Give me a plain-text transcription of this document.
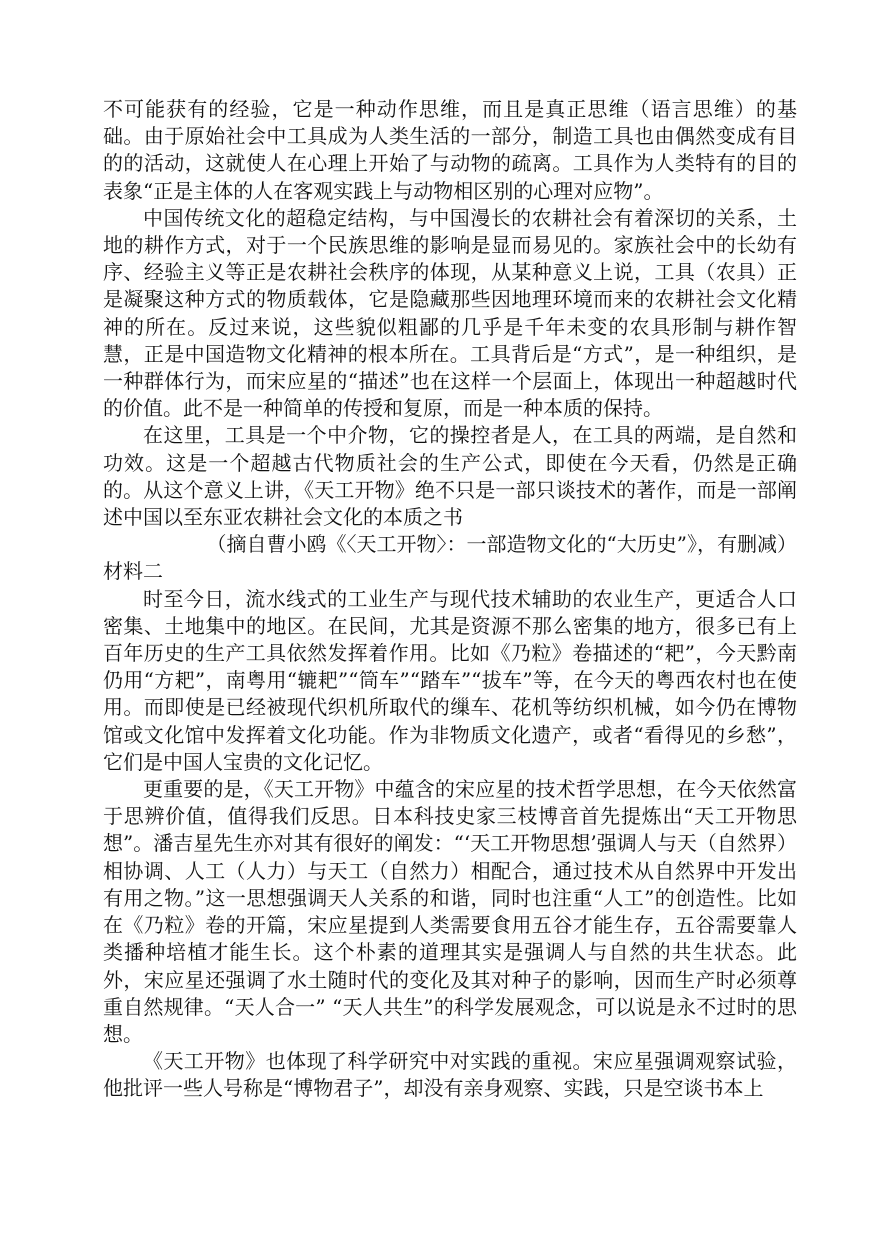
不可能获有的经验，它是一种动作思维，而且是真正思维（语言思维）的基础。由于原始社会中工具成为人类生活的一部分，制造工具也由偶然变成有目的的活动，这就使人在心理上开始了与动物的疏离。工具作为人类特有的目的表象“正是主体的人在客观实践上与动物相区别的心理对应物”。

中国传统文化的超稳定结构，与中国漫长的农耕社会有着深切的关系，土地的耕作方式，对于一个民族思维的影响是显而易见的。家族社会中的长幼有序、经验主义等正是农耕社会秩序的体现，从某种意义上说，工具（农具）正是凝聚这种方式的物质载体，它是隐藏那些因地理环境而来的农耕社会文化精神的所在。反过来说，这些貌似粗鄙的几乎是千年未变的农具形制与耕作智慧，正是中国造物文化精神的根本所在。工具背后是“方式”，是一种组织，是一种群体行为，而宋应星的“描述”也在这样一个层面上，体现出一种超越时代的价值。此不是一种简单的传授和复原，而是一种本质的保持。

在这里，工具是一个中介物，它的操控者是人，在工具的两端，是自然和功效。这是一个超越古代物质社会的生产公式，即使在今天看，仍然是正确的。从这个意义上讲，《天工开物》绝不只是一部只谈技术的著作，而是一部阐述中国以至东亚农耕社会文化的本质之书

（摘自曹小鸥《〈天工开物〉：一部造物文化的“大历史”》，有删减）

材料二

时至今日，流水线式的工业生产与现代技术辅助的农业生产，更适合人口密集、土地集中的地区。在民间，尤其是资源不那么密集的地方，很多已有上百年历史的生产工具依然发挥着作用。比如《乃粒》卷描述的“耙”，今天黔南仍用“方耙”，南粤用“辘耙”“筒车”“踏车”“拔车”等，在今天的粤西农村也在使用。而即使是已经被现代织机所取代的缫车、花机等纺织机械，如今仍在博物馆或文化馆中发挥着文化功能。作为非物质文化遗产，或者“看得见的乡愁”，它们是中国人宝贵的文化记忆。

更重要的是，《天工开物》中蕴含的宋应星的技术哲学思想，在今天依然富于思辨价值，值得我们反思。日本科技史家三枝博音首先提炼出“天工开物思想”。潘吉星先生亦对其有很好的阐发：“‘天工开物思想’强调人与天（自然界）相协调、人工（人力）与天工（自然力）相配合，通过技术从自然界中开发出有用之物。”这一思想强调天人关系的和谐，同时也注重“人工”的创造性。比如在《乃粒》卷的开篇，宋应星提到人类需要食用五谷才能生存，五谷需要靠人类播种培植才能生长。这个朴素的道理其实是强调人与自然的共生状态。此外，宋应星还强调了水土随时代的变化及其对种子的影响，因而生产时必须尊重自然规律。“天人合一” “天人共生”的科学发展观念，可以说是永不过时的思想。

《天工开物》也体现了科学研究中对实践的重视。宋应星强调观察试验，他批评一些人号称是“博物君子”，却没有亲身观察、实践，只是空谈书本上
